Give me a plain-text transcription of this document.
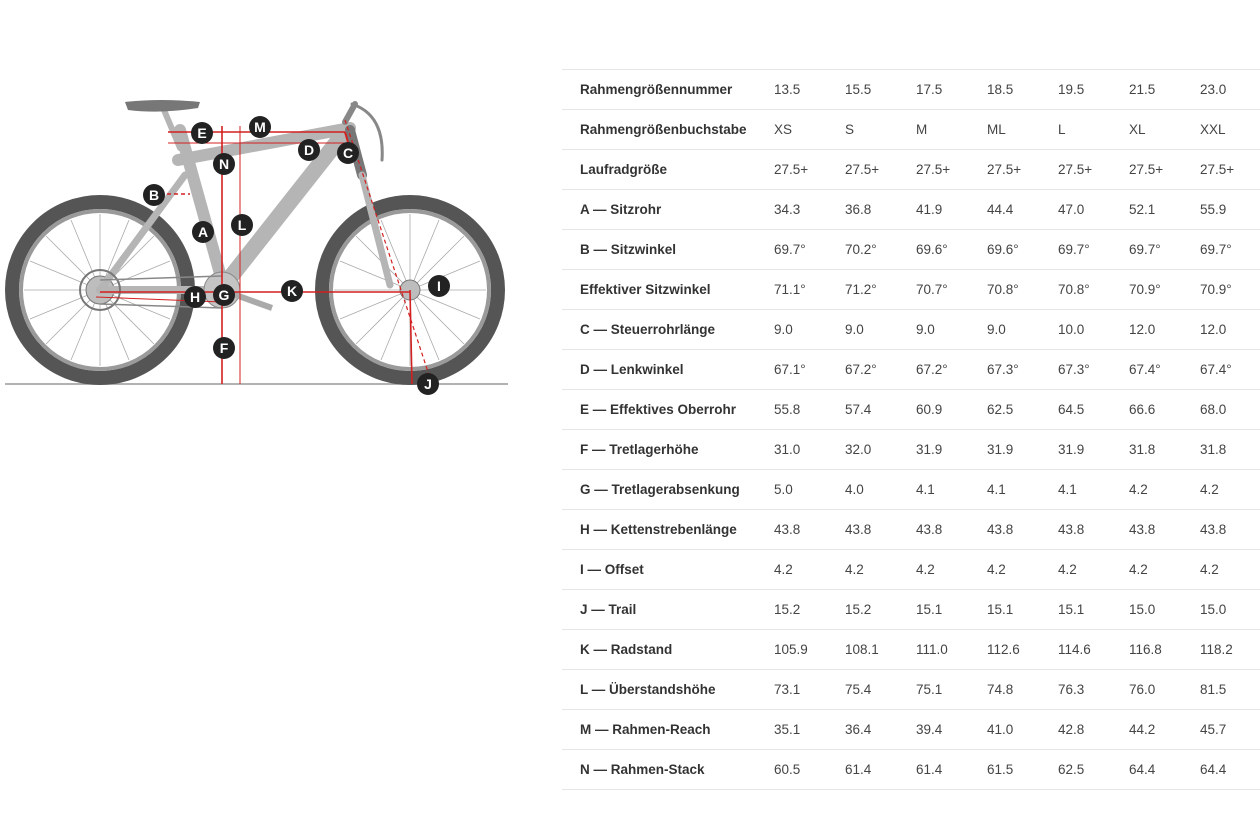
E	M
D C
N
B
A L
H G	K	I
F
J
Rahmengrößennummer	13.5	15.5	17.5	18.5	19.5	21.5	23.0
Rahmengrößenbuchstabe	XS	S	M	ML	L	XL	XXL
Laufradgröße	27.5+	27.5+	27.5+	27.5+	27.5+	27.5+	27.5+
A — Sitzrohr	34.3	36.8	41.9	44.4	47.0	52.1	55.9
B — Sitzwinkel	69.7°	70.2°	69.6°	69.6°	69.7°	69.7°	69.7°
Effektiver Sitzwinkel	71.1°	71.2°	70.7°	70.8°	70.8°	70.9°	70.9°
C — Steuerrohrlänge	9.0	9.0	9.0	9.0	10.0	12.0	12.0
D — Lenkwinkel	67.1°	67.2°	67.2°	67.3°	67.3°	67.4°	67.4°
E — Effektives Oberrohr	55.8	57.4	60.9	62.5	64.5	66.6	68.0
F — Tretlagerhöhe	31.0	32.0	31.9	31.9	31.9	31.8	31.8
G — Tretlagerabsenkung	5.0	4.0	4.1	4.1	4.1	4.2	4.2
H — Kettenstrebenlänge	43.8	43.8	43.8	43.8	43.8	43.8	43.8
I — Offset	4.2	4.2	4.2	4.2	4.2	4.2	4.2
J — Trail	15.2	15.2	15.1	15.1	15.1	15.0	15.0
K — Radstand	105.9	108.1	111.0	112.6	114.6	116.8	118.2
L — Überstandshöhe	73.1	75.4	75.1	74.8	76.3	76.0	81.5
M — Rahmen-Reach	35.1	36.4	39.4	41.0	42.8	44.2	45.7
N — Rahmen-Stack	60.5	61.4	61.4	61.5	62.5	64.4	64.4
